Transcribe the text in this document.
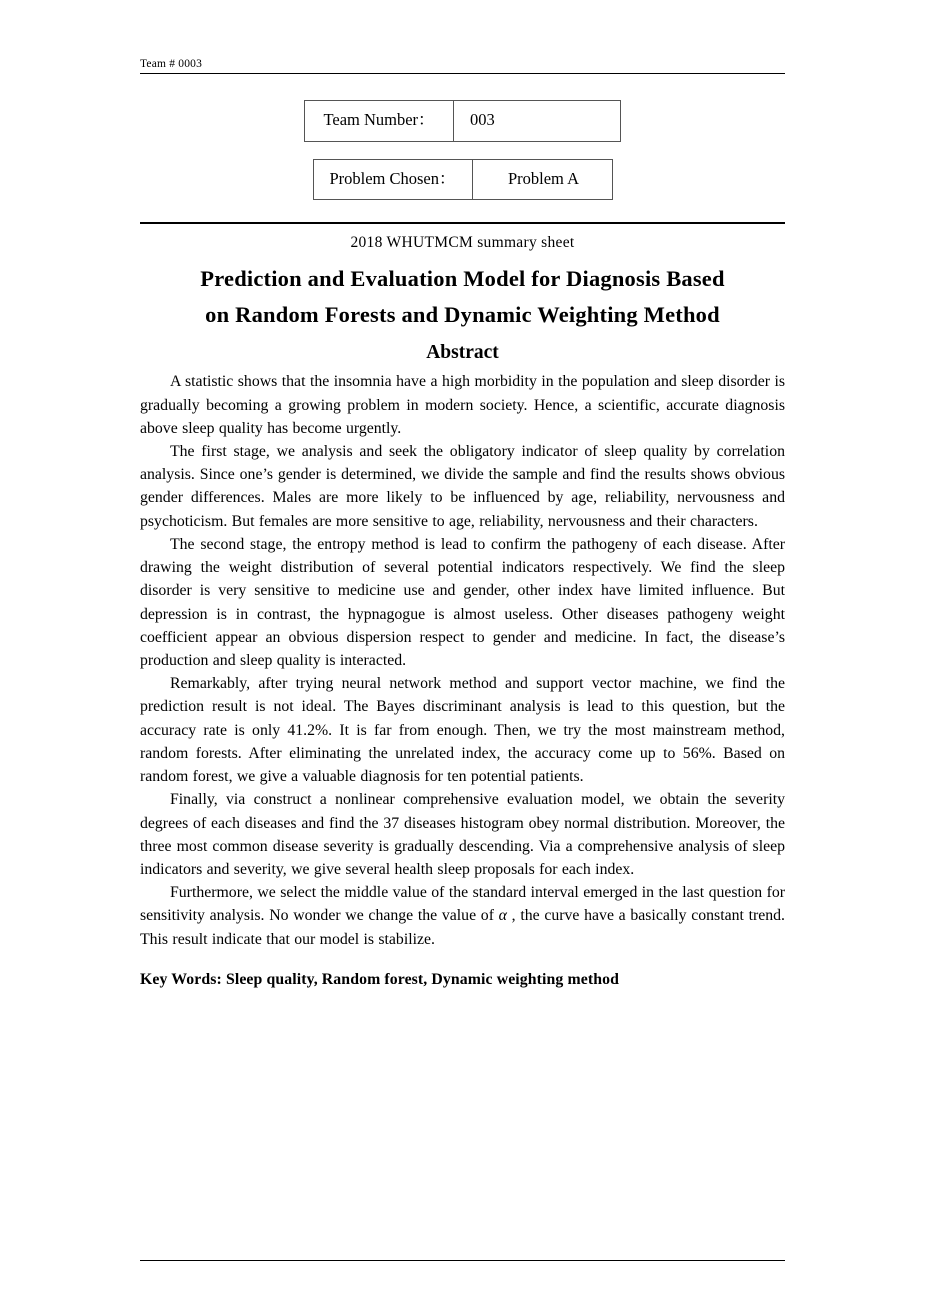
Team # 0003
Team Number：	003
Problem Chosen：	Problem A
2018 WHUTMCM summary sheet
Prediction and Evaluation Model for Diagnosis Based
on Random Forests and Dynamic Weighting Method
Abstract

A statistic shows that the insomnia have a high morbidity in the population and sleep disorder is gradually becoming a growing problem in modern society. Hence, a scientific, accurate diagnosis above sleep quality has become urgently.

The first stage, we analysis and seek the obligatory indicator of sleep quality by correlation analysis. Since one’s gender is determined, we divide the sample and find the results shows obvious gender differences. Males are more likely to be influenced by age, reliability, nervousness and psychoticism. But females are more sensitive to age, reliability, nervousness and their characters.

The second stage, the entropy method is lead to confirm the pathogeny of each disease. After drawing the weight distribution of several potential indicators respectively. We find the sleep disorder is very sensitive to medicine use and gender, other index have limited influence. But depression is in contrast, the hypnagogue is almost useless. Other diseases pathogeny weight coefficient appear an obvious dispersion respect to gender and medicine. In fact, the disease’s production and sleep quality is interacted.

Remarkably, after trying neural network method and support vector machine, we find the prediction result is not ideal. The Bayes discriminant analysis is lead to this question, but the accuracy rate is only 41.2%. It is far from enough. Then, we try the most mainstream method, random forests. After eliminating the unrelated index, the accuracy come up to 56%. Based on random forest, we give a valuable diagnosis for ten potential patients.

Finally, via construct a nonlinear comprehensive evaluation model, we obtain the severity degrees of each diseases and find the 37 diseases histogram obey normal distribution. Moreover, the three most common disease severity is gradually descending. Via a comprehensive analysis of sleep indicators and severity, we give several health sleep proposals for each index.

Furthermore, we select the middle value of the standard interval emerged in the last question for sensitivity analysis. No wonder we change the value of α , the curve have a basically constant trend. This result indicate that our model is stabilize.

Key Words: Sleep quality, Random forest, Dynamic weighting method
